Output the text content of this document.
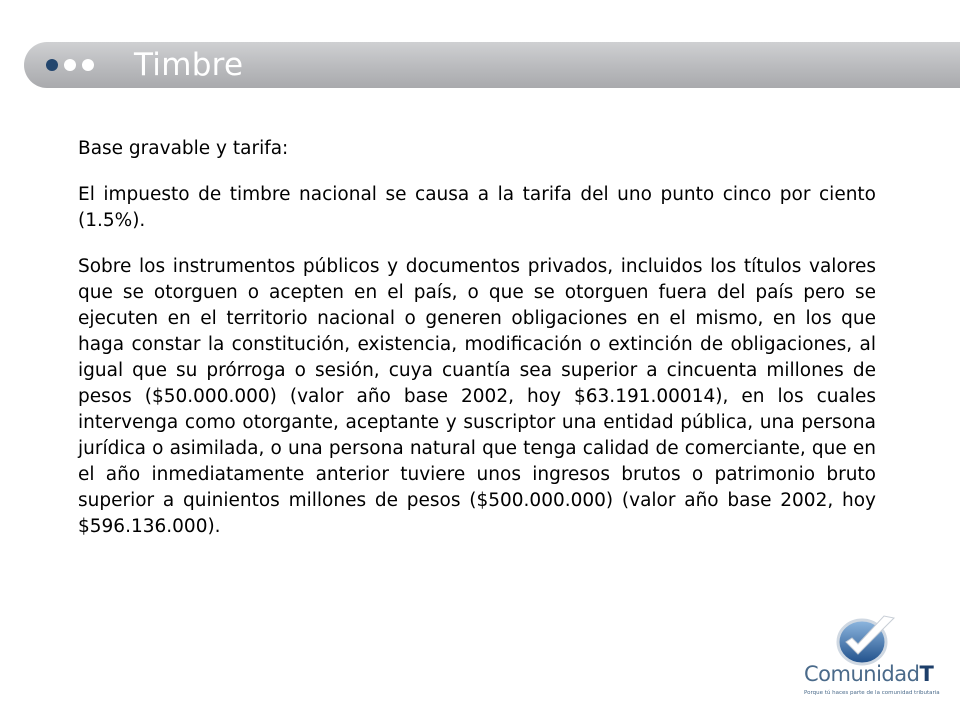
Timbre

Base gravable y tarifa:

El impuesto de timbre nacional se causa a la tarifa del uno punto cinco por ciento (1.5%).

Sobre los instrumentos públicos y documentos privados, incluidos los títulos valores que se otorguen o acepten en el país, o que se otorguen fuera del país pero se ejecuten en el territorio nacional o generen obligaciones en el mismo, en los que haga constar la constitución, existencia, modificación o extinción de obligaciones, al igual que su prórroga o sesión, cuya cuantía sea superior a cincuenta millones de pesos ($50.000.000) (valor año base 2002, hoy $63.191.00014), en los cuales intervenga como otorgante, aceptante y suscriptor una entidad pública, una persona jurídica o asimilada, o una persona natural que tenga calidad de comerciante, que en el año inmediatamente anterior tuviere unos ingresos brutos o patrimonio bruto superior a quinientos millones de pesos ($500.000.000) (valor año base 2002, hoy $596.136.000).

ComunidadT
Porque tú haces parte de la comunidad tributaria
